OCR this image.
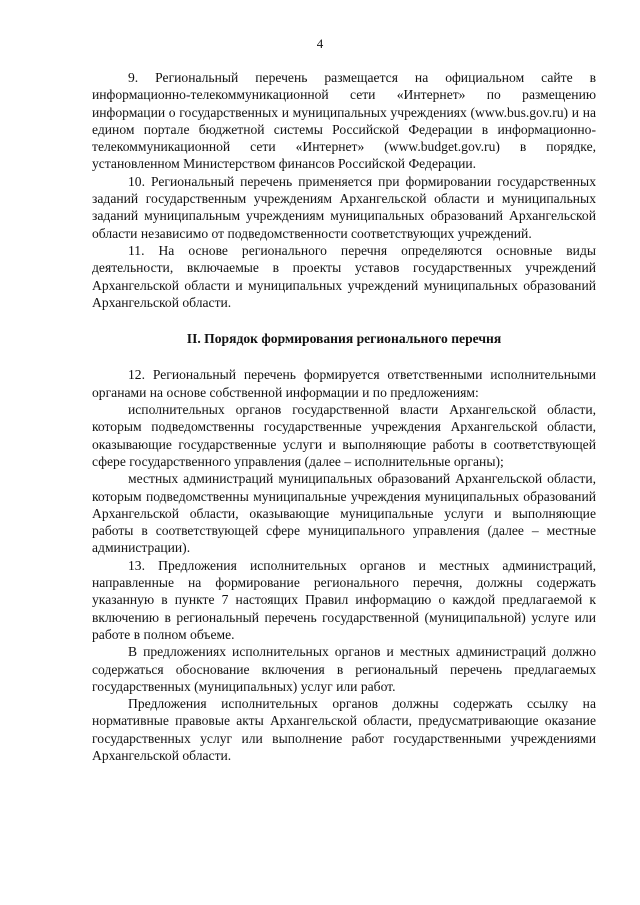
4

9. Региональный перечень размещается на официальном сайте в информационно-телекоммуникационной сети «Интернет» по размещению информации о государственных и муниципальных учреждениях (www.bus.gov.ru) и на едином портале бюджетной системы Российской Федерации в информационно-телекоммуникационной сети «Интернет» (www.budget.gov.ru) в порядке, установленном Министерством финансов Российской Федерации.

10. Региональный перечень применяется при формировании государственных заданий государственным учреждениям Архангельской области и муниципальных заданий муниципальным учреждениям муниципальных образований Архангельской области независимо от подведомственности соответствующих учреждений.

11. На основе регионального перечня определяются основные виды деятельности, включаемые в проекты уставов государственных учреждений Архангельской области и муниципальных учреждений муниципальных образований Архангельской области.

II. Порядок формирования регионального перечня

12. Региональный перечень формируется ответственными исполнительными органами на основе собственной информации и по предложениям:

исполнительных органов государственной власти Архангельской области, которым подведомственны государственные учреждения Архангельской области, оказывающие государственные услуги и выполняющие работы в соответствующей сфере государственного управления (далее – исполнительные органы);

местных администраций муниципальных образований Архангельской области, которым подведомственны муниципальные учреждения муниципальных образований Архангельской области, оказывающие муниципальные услуги и выполняющие работы в соответствующей сфере муниципального управления (далее – местные администрации).

13. Предложения исполнительных органов и местных администраций, направленные на формирование регионального перечня, должны содержать указанную в пункте 7 настоящих Правил информацию о каждой предлагаемой к включению в региональный перечень государственной (муниципальной) услуге или работе в полном объеме.

В предложениях исполнительных органов и местных администраций должно содержаться обоснование включения в региональный перечень предлагаемых государственных (муниципальных) услуг или работ.

Предложения исполнительных органов должны содержать ссылку на нормативные правовые акты Архангельской области, предусматривающие оказание государственных услуг или выполнение работ государственными учреждениями Архангельской области.
